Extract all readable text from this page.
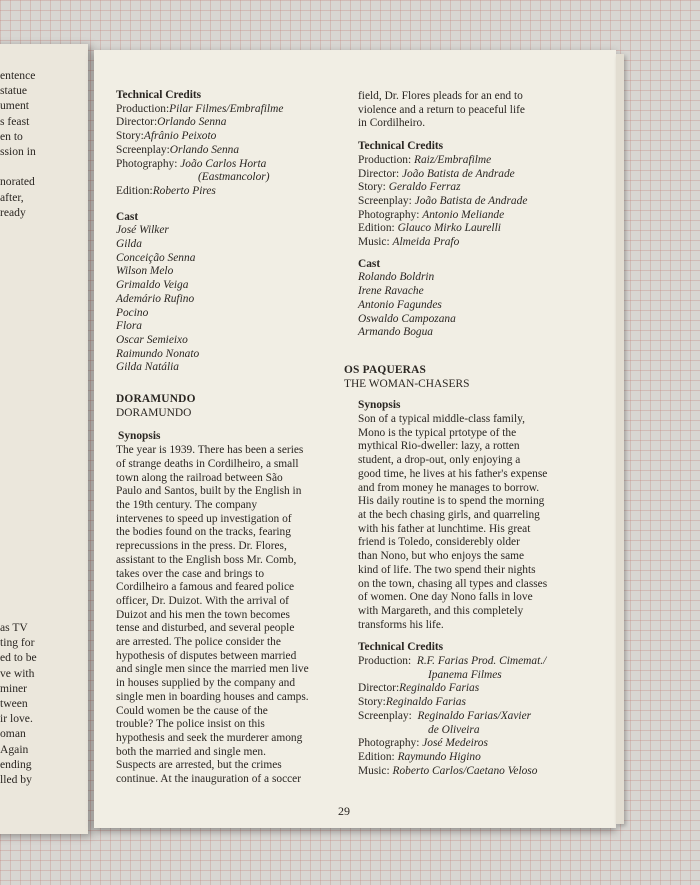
entence
statue
ument
s feast
en to
ssion in
norated
after,
ready
as TV
ting for
ed to be
ve with
miner
tween
ir love.
oman
Again
ending
lled by
Technical Credits
Production:Pilar Filmes/Embrafilme
Director:Orlando Senna
Story:Afrânio Peixoto
Screenplay:Orlando Senna
Photography: João Carlos Horta
(Eastmancolor)
Edition:Roberto Pires
Cast
José Wilker
Gilda
Conceição Senna
Wilson Melo
Grimaldo Veiga
Ademário Rufino
Pocino
Flora
Oscar Semieixo
Raimundo Nonato
Gilda Natália
DORAMUNDO
DORAMUNDO
Synopsis
The year is 1939. There has been a series
of strange deaths in Cordilheiro, a small
town along the railroad between São
Paulo and Santos, built by the English in
the 19th century. The company
intervenes to speed up investigation of
the bodies found on the tracks, fearing
reprecussions in the press. Dr. Flores,
assistant to the English boss Mr. Comb,
takes over the case and brings to
Cordilheiro a famous and feared police
officer, Dr. Duizot. With the arrival of
Duizot and his men the town becomes
tense and disturbed, and several people
are arrested. The police consider the
hypothesis of disputes between married
and single men since the married men live
in houses supplied by the company and
single men in boarding houses and camps.
Could women be the cause of the
trouble? The police insist on this
hypothesis and seek the murderer among
both the married and single men.
Suspects are arrested, but the crimes
continue. At the inauguration of a soccer
field, Dr. Flores pleads for an end to
violence and a return to peaceful life
in Cordilheiro.
Technical Credits
Production: Raiz/Embrafilme
Director: João Batista de Andrade
Story: Geraldo Ferraz
Screenplay: João Batista de Andrade
Photography: Antonio Meliande
Edition: Glauco Mirko Laurelli
Music: Almeida Prafo
Cast
Rolando Boldrin
Irene Ravache
Antonio Fagundes
Oswaldo Campozana
Armando Bogua
OS PAQUERAS
THE WOMAN-CHASERS
Synopsis
Son of a typical middle-class family,
Mono is the typical prtotype of the
mythical Rio-dweller: lazy, a rotten
student, a drop-out, only enjoying a
good time, he lives at his father's expense
and from money he manages to borrow.
His daily routine is to spend the morning
at the bech chasing girls, and quarreling
with his father at lunchtime. His great
friend is Toledo, considerebly older
than Nono, but who enjoys the same
kind of life. The two spend their nights
on the town, chasing all types and classes
of women. One day Nono falls in love
with Margareth, and this completely
transforms his life.
Technical Credits
Production: R.F. Farias Prod. Cimemat./
Ipanema Filmes
Director:Reginaldo Farias
Story:Reginaldo Farias
Screenplay: Reginaldo Farias/Xavier
de Oliveira
Photography: José Medeiros
Edition: Raymundo Higino
Music: Roberto Carlos/Caetano Veloso
29
